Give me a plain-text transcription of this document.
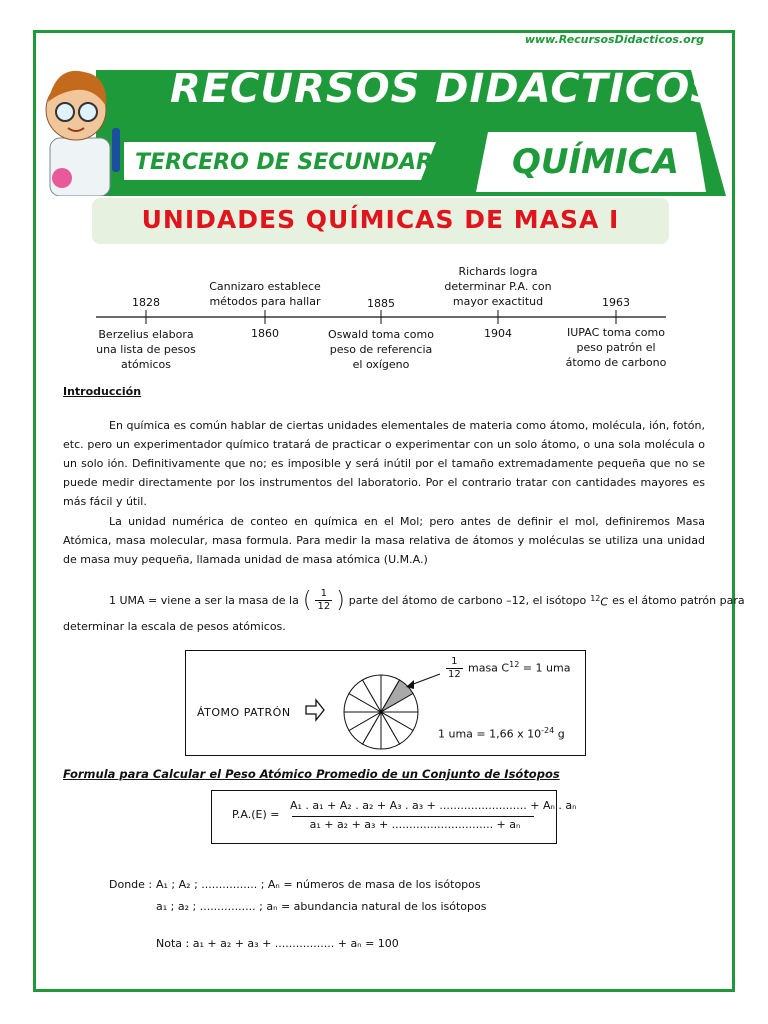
www.RecursosDidacticos.org
RECURSOS DIDÁCTICOS
TERCERO DE SECUNDARIA QUÍMICA
UNIDADES QUÍMICAS DE MASA I
1828
Berzelius elabora
una lista de pesos
atómicos
Cannizaro establece
métodos para hallar
1860
1885
Oswald toma como
peso de referencia
el oxígeno
Richards logra
determinar P.A. con
mayor exactitud
1904
1963
IUPAC toma como
peso patrón el
átomo de carbono
Introducción
En química es común hablar de ciertas unidades elementales de materia como átomo, molécula, ión, fotón, etc. pero un experimentador químico tratará de practicar o experimentar con un solo átomo, o una sola molécula o un solo ión. Definitivamente que no; es imposible y será inútil por el tamaño extremadamente pequeña que no se puede medir directamente por los instrumentos del laboratorio. Por el contrario tratar con cantidades mayores es más fácil y útil.
La unidad numérica de conteo en química en el Mol; pero antes de definir el mol, definiremos Masa Atómica, masa molecular, masa formula. Para medir la masa relativa de átomos y moléculas se utiliza una unidad de masa muy pequeña, llamada unidad de masa atómica (U.M.A.)
1 UMA = viene a ser la masa de la ( 1
12 ) parte del átomo de carbono –12, el isótopo $^{12}$C es el átomo patrón para
determinar la escala de pesos atómicos.
ÁTOMO PATRÓN
1
12 masa $C^{12} = 1$ uma
1 uma = 1,66 x $10^{-24}$ g
Formula para Calcular el Peso Atómico Promedio de un Conjunto de Isótopos
P.A.(E) =
A₁ . a₁ + A₂ . a₂ + A₃ . a₃ + ......................... + Aₙ . aₙ
a₁ + a₂ + a₃ + ............................. + aₙ
Donde : A₁ ; A₂ ; ................ ; Aₙ = números de masa de los isótopos
a₁ ; a₂ ; ................ ; aₙ = abundancia natural de los isótopos
Nota : a₁ + a₂ + a₃ + ................. + aₙ = 100
